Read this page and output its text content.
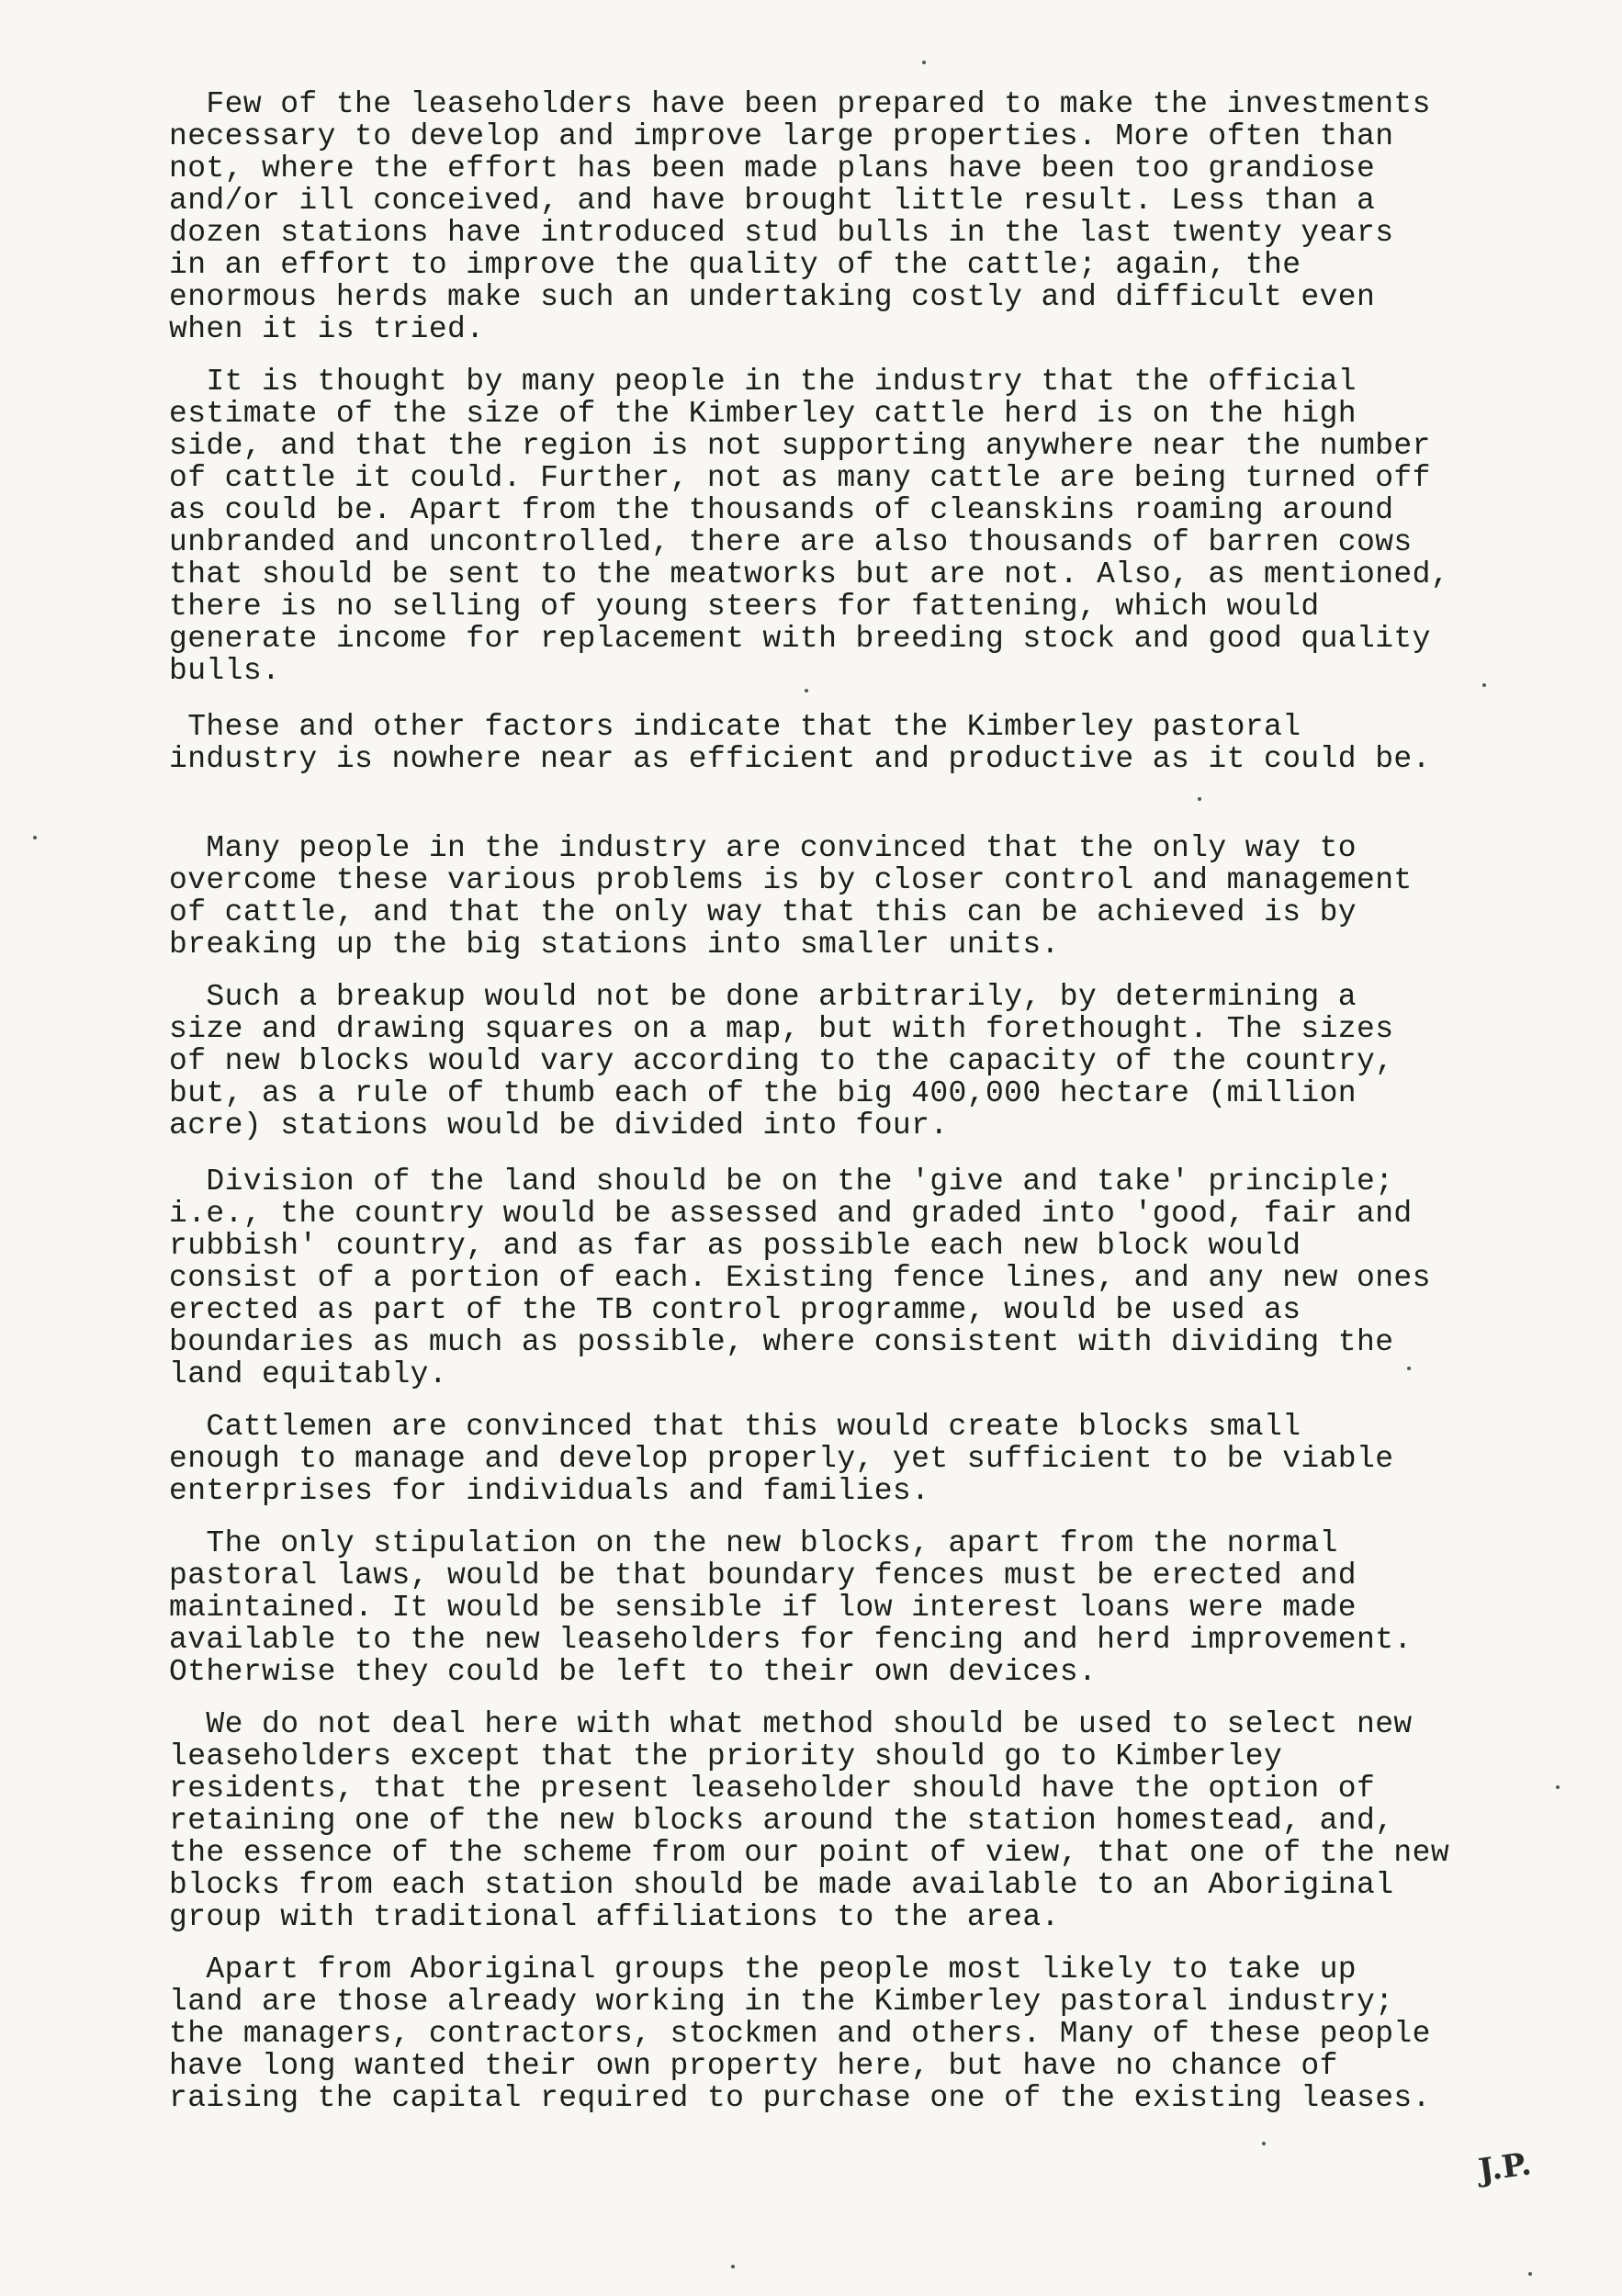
Few of the leaseholders have been prepared to make the investments
necessary to develop and improve large properties. More often than
not, where the effort has been made plans have been too grandiose
and/or ill conceived, and have brought little result. Less than a
dozen stations have introduced stud bulls in the last twenty years
in an effort to improve the quality of the cattle; again, the
enormous herds make such an undertaking costly and difficult even
when it is tried.
It is thought by many people in the industry that the official
estimate of the size of the Kimberley cattle herd is on the high
side, and that the region is not supporting anywhere near the number
of cattle it could. Further, not as many cattle are being turned off
as could be. Apart from the thousands of cleanskins roaming around
unbranded and uncontrolled, there are also thousands of barren cows
that should be sent to the meatworks but are not. Also, as mentioned,
there is no selling of young steers for fattening, which would
generate income for replacement with breeding stock and good quality
bulls.
These and other factors indicate that the Kimberley pastoral
industry is nowhere near as efficient and productive as it could be.
Many people in the industry are convinced that the only way to
overcome these various problems is by closer control and management
of cattle, and that the only way that this can be achieved is by
breaking up the big stations into smaller units.
Such a breakup would not be done arbitrarily, by determining a
size and drawing squares on a map, but with forethought. The sizes
of new blocks would vary according to the capacity of the country,
but, as a rule of thumb each of the big 400,000 hectare (million
acre) stations would be divided into four.
Division of the land should be on the 'give and take' principle;
i.e., the country would be assessed and graded into 'good, fair and
rubbish' country, and as far as possible each new block would
consist of a portion of each. Existing fence lines, and any new ones
erected as part of the TB control programme, would be used as
boundaries as much as possible, where consistent with dividing the
land equitably.
Cattlemen are convinced that this would create blocks small
enough to manage and develop properly, yet sufficient to be viable
enterprises for individuals and families.
The only stipulation on the new blocks, apart from the normal
pastoral laws, would be that boundary fences must be erected and
maintained. It would be sensible if low interest loans were made
available to the new leaseholders for fencing and herd improvement.
Otherwise they could be left to their own devices.
We do not deal here with what method should be used to select new
leaseholders except that the priority should go to Kimberley
residents, that the present leaseholder should have the option of
retaining one of the new blocks around the station homestead, and,
the essence of the scheme from our point of view, that one of the new
blocks from each station should be made available to an Aboriginal
group with traditional affiliations to the area.
Apart from Aboriginal groups the people most likely to take up
land are those already working in the Kimberley pastoral industry;
the managers, contractors, stockmen and others. Many of these people
have long wanted their own property here, but have no chance of
raising the capital required to purchase one of the existing leases.
J.P.
